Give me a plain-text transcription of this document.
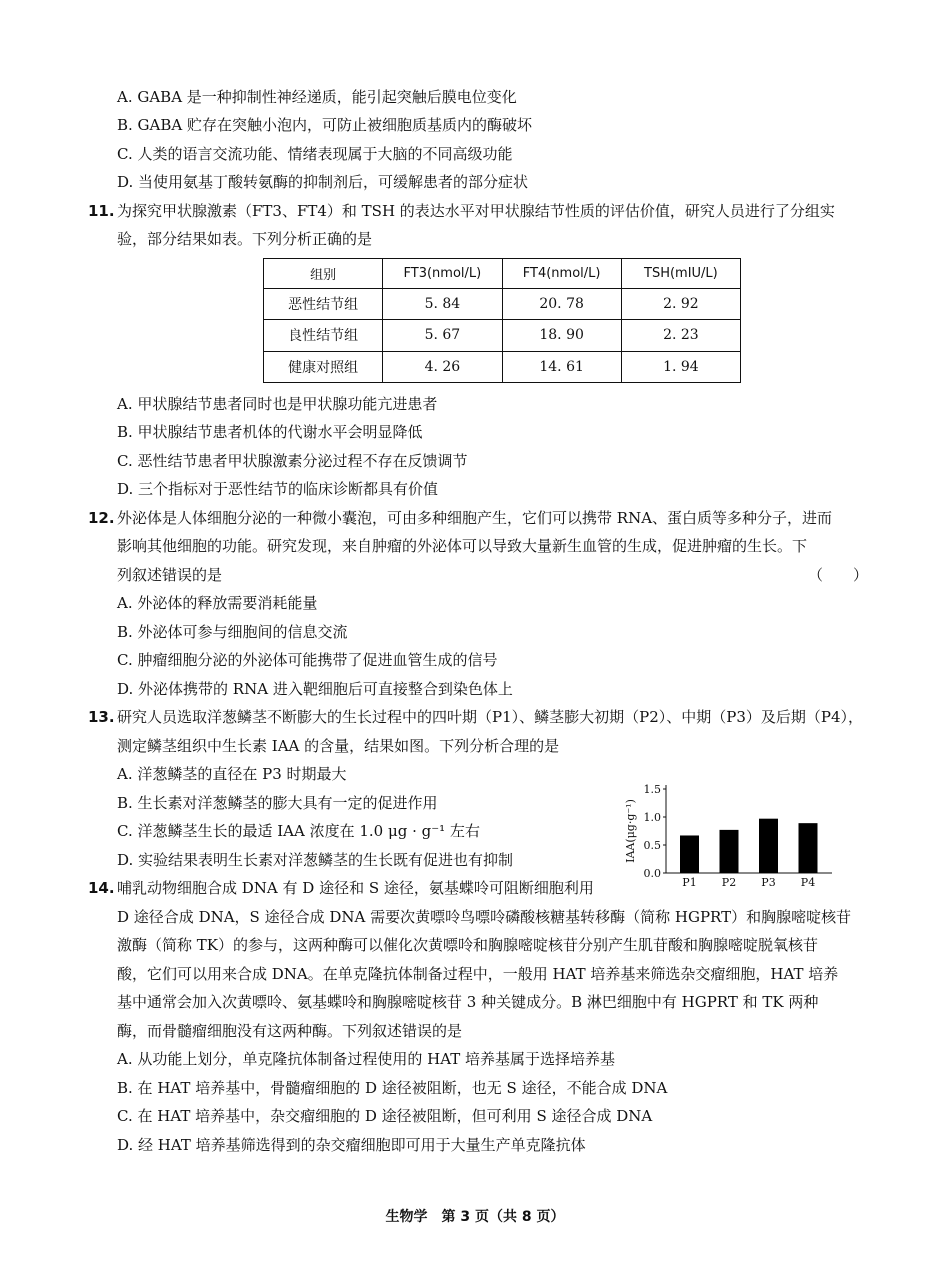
A. GABA 是一种抑制性神经递质，能引起突触后膜电位变化
B. GABA 贮存在突触小泡内，可防止被细胞质基质内的酶破坏
C. 人类的语言交流功能、情绪表现属于大脑的不同高级功能
D. 当使用氨基丁酸转氨酶的抑制剂后，可缓解患者的部分症状
11. 为探究甲状腺激素（FT3、FT4）和 TSH 的表达水平对甲状腺结节性质的评估价值，研究人员进行了分组实
验，部分结果如表。下列分析正确的是
组别	FT3(nmol/L)	FT4(nmol/L)	TSH(mIU/L)
恶性结节组	5. 84	20. 78	2. 92
良性结节组	5. 67	18. 90	2. 23
健康对照组	4. 26	14. 61	1. 94
A. 甲状腺结节患者同时也是甲状腺功能亢进患者
B. 甲状腺结节患者机体的代谢水平会明显降低
C. 恶性结节患者甲状腺激素分泌过程不存在反馈调节
D. 三个指标对于恶性结节的临床诊断都具有价值
12. 外泌体是人体细胞分泌的一种微小囊泡，可由多种细胞产生，它们可以携带 RNA、蛋白质等多种分子，进而
影响其他细胞的功能。研究发现，来自肿瘤的外泌体可以导致大量新生血管的生成，促进肿瘤的生长。下
列叙述错误的是	（　　）
A. 外泌体的释放需要消耗能量
B. 外泌体可参与细胞间的信息交流
C. 肿瘤细胞分泌的外泌体可能携带了促进血管生成的信号
D. 外泌体携带的 RNA 进入靶细胞后可直接整合到染色体上
13. 研究人员选取洋葱鳞茎不断膨大的生长过程中的四叶期（P1）、鳞茎膨大初期（P2）、中期（P3）及后期（P4），
测定鳞茎组织中生长素 IAA 的含量，结果如图。下列分析合理的是
A. 洋葱鳞茎的直径在 P3 时期最大
B. 生长素对洋葱鳞茎的膨大具有一定的促进作用
C. 洋葱鳞茎生长的最适 IAA 浓度在 1.0 μg · g⁻¹ 左右
D. 实验结果表明生长素对洋葱鳞茎的生长既有促进也有抑制
0.0
0.5
1.0
1.5
IAA(μg·g⁻¹)
P1 P2 P3 P4
14. 哺乳动物细胞合成 DNA 有 D 途径和 S 途径，氨基蝶呤可阻断细胞利用
D 途径合成 DNA，S 途径合成 DNA 需要次黄嘌呤鸟嘌呤磷酸核糖基转移酶（简称 HGPRT）和胸腺嘧啶核苷
激酶（简称 TK）的参与，这两种酶可以催化次黄嘌呤和胸腺嘧啶核苷分别产生肌苷酸和胸腺嘧啶脱氧核苷
酸，它们可以用来合成 DNA。在单克隆抗体制备过程中，一般用 HAT 培养基来筛选杂交瘤细胞，HAT 培养
基中通常会加入次黄嘌呤、氨基蝶呤和胸腺嘧啶核苷 3 种关键成分。B 淋巴细胞中有 HGPRT 和 TK 两种
酶，而骨髓瘤细胞没有这两种酶。下列叙述错误的是
A. 从功能上划分，单克隆抗体制备过程使用的 HAT 培养基属于选择培养基
B. 在 HAT 培养基中，骨髓瘤细胞的 D 途径被阻断，也无 S 途径，不能合成 DNA
C. 在 HAT 培养基中，杂交瘤细胞的 D 途径被阻断，但可利用 S 途径合成 DNA
D. 经 HAT 培养基筛选得到的杂交瘤细胞即可用于大量生产单克隆抗体
生物学　第 3 页（共 8 页）
